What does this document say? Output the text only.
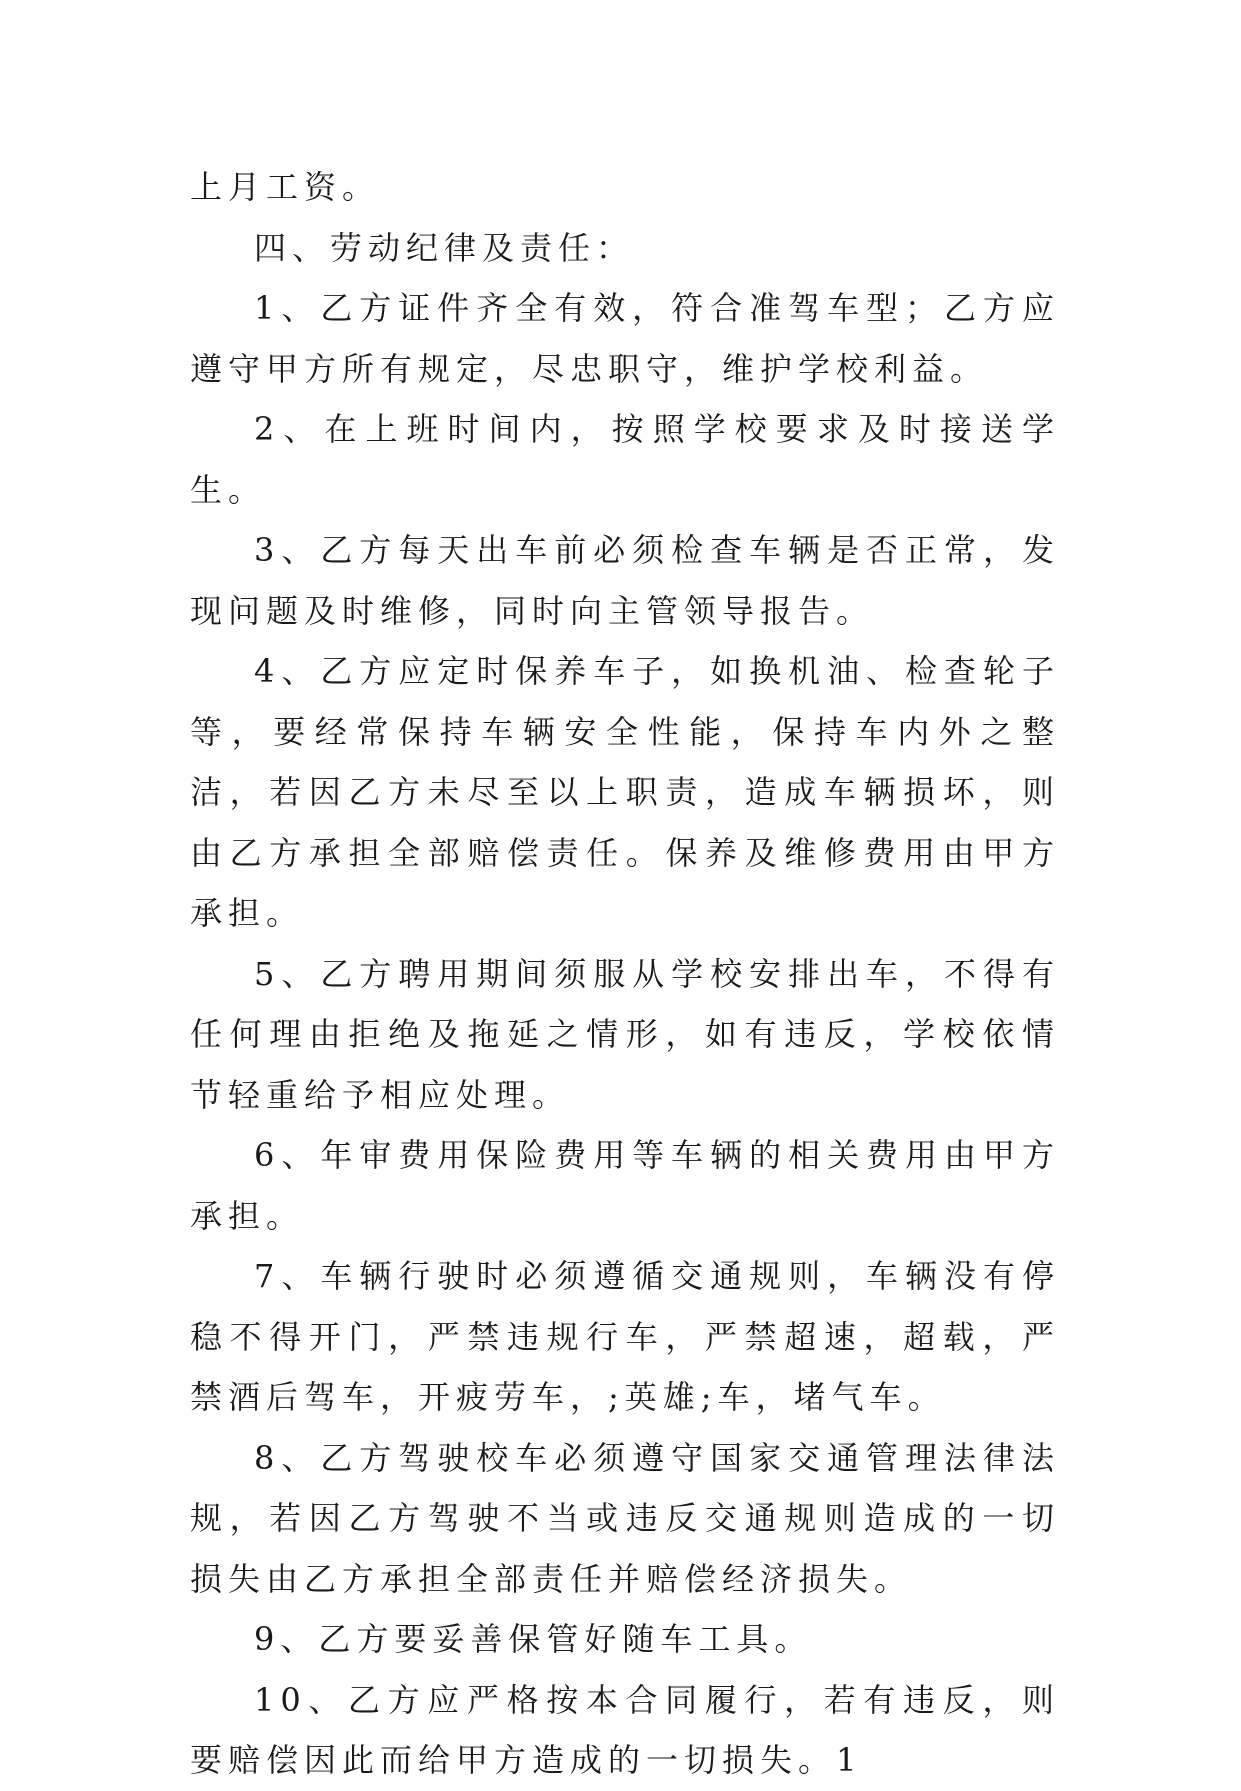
上月工资。

四、劳动纪律及责任：

1、乙方证件齐全有效，符合准驾车型；乙方应遵守甲方所有规定，尽忠职守，维护学校利益。

2、在上班时间内，按照学校要求及时接送学生。

3、乙方每天出车前必须检查车辆是否正常，发现问题及时维修，同时向主管领导报告。

4、乙方应定时保养车子，如换机油、检查轮子等，要经常保持车辆安全性能，保持车内外之整洁，若因乙方未尽至以上职责，造成车辆损坏，则由乙方承担全部赔偿责任。保养及维修费用由甲方承担。

5、乙方聘用期间须服从学校安排出车，不得有任何理由拒绝及拖延之情形，如有违反，学校依情节轻重给予相应处理。

6、年审费用保险费用等车辆的相关费用由甲方承担。

7、车辆行驶时必须遵循交通规则，车辆没有停稳不得开门，严禁违规行车，严禁超速，超载，严禁酒后驾车，开疲劳车，;英雄;车，堵气车。

8、乙方驾驶校车必须遵守国家交通管理法律法规，若因乙方驾驶不当或违反交通规则造成的一切损失由乙方承担全部责任并赔偿经济损失。

9、乙方要妥善保管好随车工具。

10、乙方应严格按本合同履行，若有违反，则要赔偿因此而给甲方造成的一切损失。1
